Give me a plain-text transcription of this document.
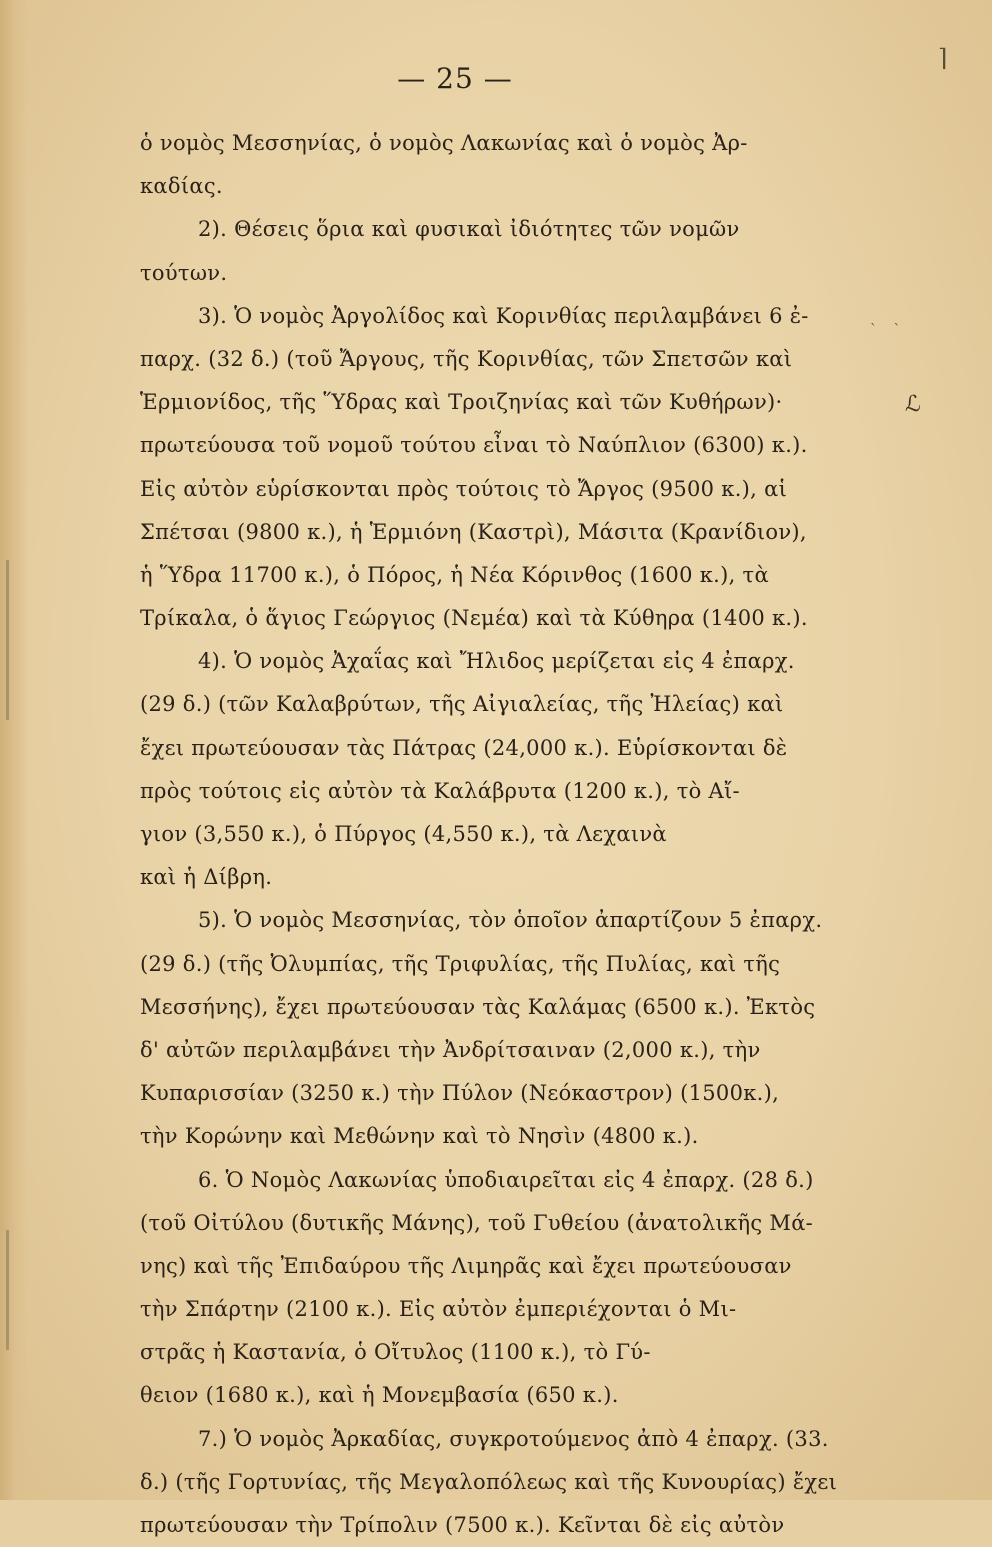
⌉
` `
ℒ
— 25 —
ὁ νομὸς Μεσσηνίας, ὁ νομὸς Λακωνίας καὶ ὁ νομὸς Ἀρ-
καδίας.
2). Θέσεις ὅρια καὶ φυσικαὶ ἰδιότητες τῶν νομῶν
τούτων.
3). Ὁ νομὸς Ἀργολίδος καὶ Κορινθίας περιλαμβάνει 6 ἐ-
παρχ. (32 δ.) (τοῦ Ἄργους, τῆς Κορινθίας, τῶν Σπετσῶν καὶ
Ἑρμιονίδος, τῆς Ὕδρας καὶ Τροιζηνίας καὶ τῶν Κυθήρων)·
πρωτεύουσα τοῦ νομοῦ τούτου εἶναι τὸ Ναύπλιον (6300) κ.).
Εἰς αὐτὸν εὑρίσκονται πρὸς τούτοις τὸ Ἄργος (9500 κ.), αἱ
Σπέτσαι (9800 κ.), ἡ Ἑρμιόνη (Καστρὶ), Μάσιτα (Κρανίδιον),
ἡ Ὕδρα 11700 κ.), ὁ Πόρος, ἡ Νέα Κόρινθος (1600 κ.), τὰ
Τρίκαλα, ὁ ἅγιος Γεώργιος (Νεμέα) καὶ τὰ Κύθηρα (1400 κ.).
4). Ὁ νομὸς Ἀχαΐας καὶ Ἤλιδος μερίζεται εἰς 4 ἐπαρχ.
(29 δ.) (τῶν Καλαβρύτων, τῆς Αἰγιαλείας, τῆς Ἠλείας) καὶ
ἔχει πρωτεύουσαν τὰς Πάτρας (24,000 κ.). Εὑρίσκονται δὲ
πρὸς τούτοις εἰς αὐτὸν τὰ Καλάβρυτα (1200 κ.), τὸ Αἴ-
γιον (3,550 κ.), ὁ Πύργος (4,550 κ.), τὰ Λεχαινὰ
καὶ ἡ Δίβρη.
5). Ὁ νομὸς Μεσσηνίας, τὸν ὁποῖον ἀπαρτίζουν 5 ἐπαρχ.
(29 δ.) (τῆς Ὀλυμπίας, τῆς Τριφυλίας, τῆς Πυλίας, καὶ τῆς
Μεσσήνης), ἔχει πρωτεύουσαν τὰς Καλάμας (6500 κ.). Ἐκτὸς
δ' αὐτῶν περιλαμβάνει τὴν Ἀνδρίτσαιναν (2,000 κ.), τὴν
Κυπαρισσίαν (3250 κ.) τὴν Πύλον (Νεόκαστρον) (1500κ.),
τὴν Κορώνην καὶ Μεθώνην καὶ τὸ Νησὶν (4800 κ.).
6. Ὁ Νομὸς Λακωνίας ὑποδιαιρεῖται εἰς 4 ἐπαρχ. (28 δ.)
(τοῦ Οἰτύλου (δυτικῆς Μάνης), τοῦ Γυθείου (ἀνατολικῆς Μά-
νης) καὶ τῆς Ἐπιδαύρου τῆς Λιμηρᾶς καὶ ἔχει πρωτεύουσαν
τὴν Σπάρτην (2100 κ.). Εἰς αὐτὸν ἐμπεριέχονται ὁ Μι-
στρᾶς ἡ Καστανία, ὁ Οἴτυλος (1100 κ.), τὸ Γύ-
θειον (1680 κ.), καὶ ἡ Μονεμβασία (650 κ.).
7.) Ὁ νομὸς Ἀρκαδίας, συγκροτούμενος ἀπὸ 4 ἐπαρχ. (33.
δ.) (τῆς Γορτυνίας, τῆς Μεγαλοπόλεως καὶ τῆς Κυνουρίας) ἔχει
πρωτεύουσαν τὴν Τρίπολιν (7500 κ.). Κεῖνται δὲ εἰς αὐτὸν
